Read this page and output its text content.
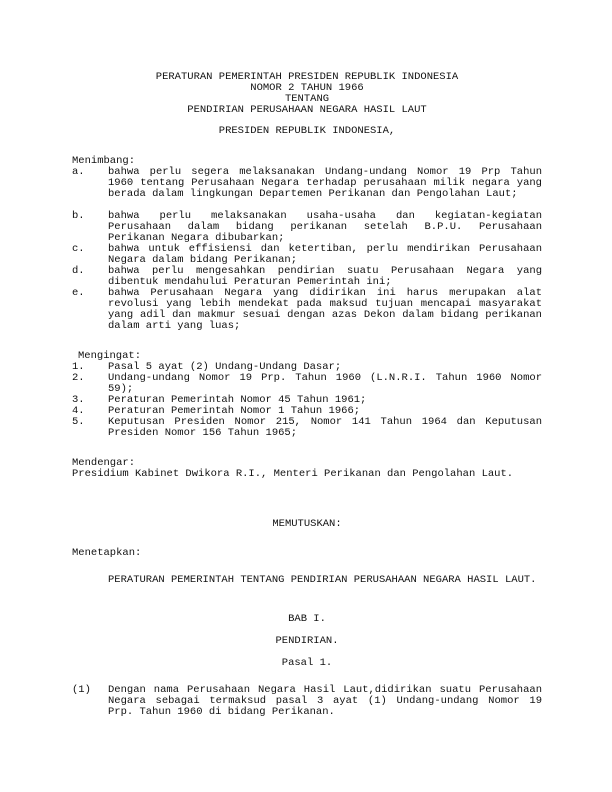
PERATURAN PEMERINTAH PRESIDEN REPUBLIK INDONESIA
NOMOR 2 TAHUN 1966
TENTANG
PENDIRIAN PERUSAHAAN NEGARA HASIL LAUT
PRESIDEN REPUBLIK INDONESIA,
Menimbang:
a. bahwa perlu segera melaksanakan Undang-undang Nomor 19 Prp Tahun 1960 tentang Perusahaan Negara terhadap perusahaan milik negara yang berada dalam lingkungan Departemen Perikanan dan Pengolahan Laut;
b. bahwa perlu melaksanakan usaha-usaha dan kegiatan-kegiatan Perusahaan dalam bidang perikanan setelah B.P.U. Perusahaan Perikanan Negara dibubarkan;
c. bahwa untuk effisiensi dan ketertiban, perlu mendirikan Perusahaan Negara dalam bidang Perikanan;
d. bahwa perlu mengesahkan pendirian suatu Perusahaan Negara yang dibentuk mendahului Peraturan Pemerintah ini;
e. bahwa Perusahaan Negara yang didirikan ini harus merupakan alat revolusi yang lebih mendekat pada maksud tujuan mencapai masyarakat yang adil dan makmur sesuai dengan azas Dekon dalam bidang perikanan dalam arti yang luas;
Mengingat:
1. Pasal 5 ayat (2) Undang-Undang Dasar;
2. Undang-undang Nomor 19 Prp. Tahun 1960 (L.N.R.I. Tahun 1960 Nomor 59);
3. Peraturan Pemerintah Nomor 45 Tahun 1961;
4. Peraturan Pemerintah Nomor 1 Tahun 1966;
5. Keputusan Presiden Nomor 215, Nomor 141 Tahun 1964 dan Keputusan Presiden Nomor 156 Tahun 1965;
Mendengar:
Presidium Kabinet Dwikora R.I., Menteri Perikanan dan Pengolahan Laut.
MEMUTUSKAN:
Menetapkan:
PERATURAN PEMERINTAH TENTANG PENDIRIAN PERUSAHAAN NEGARA HASIL LAUT.
BAB I.
PENDIRIAN.
Pasal 1.
(1) Dengan nama Perusahaan Negara Hasil Laut,didirikan suatu Perusahaan Negara sebagai termaksud pasal 3 ayat (1) Undang-undang Nomor 19 Prp. Tahun 1960 di bidang Perikanan.
